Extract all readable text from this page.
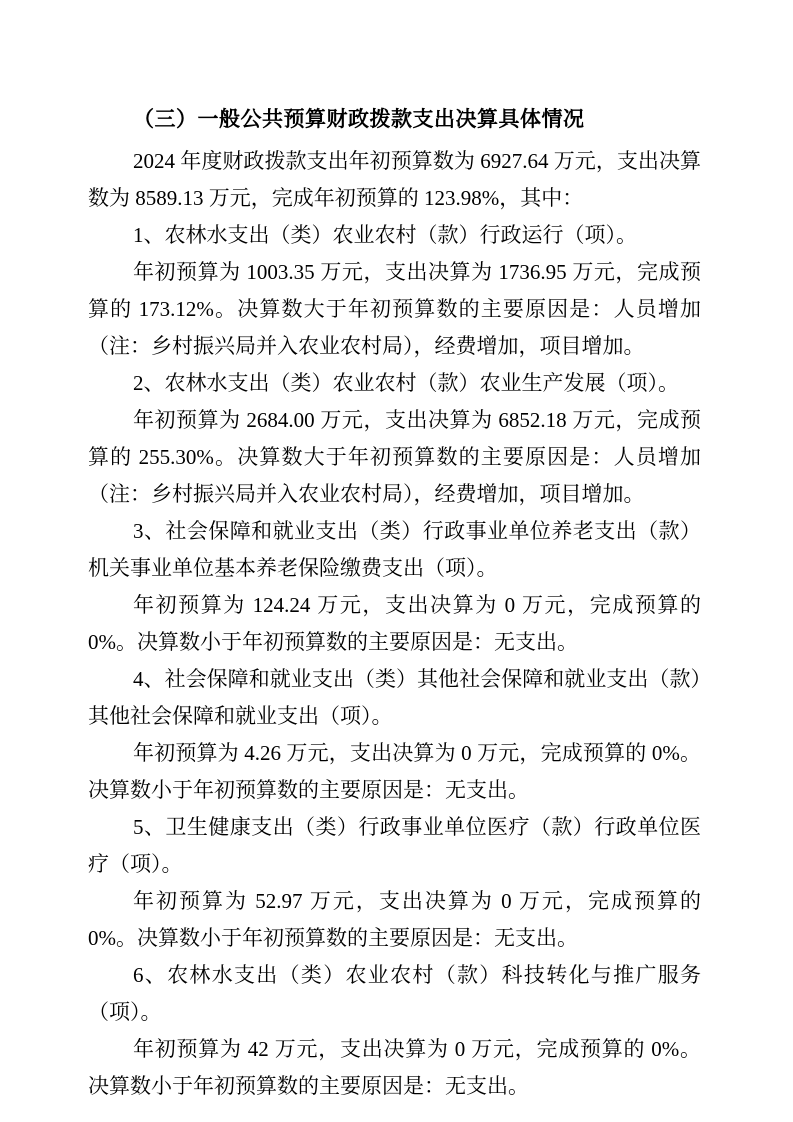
（三）一般公共预算财政拨款支出决算具体情况

2024 年度财政拨款支出年初预算数为 6927.64 万元，支出决算数为 8589.13 万元，完成年初预算的 123.98%，其中：

1、农林水支出（类）农业农村（款）行政运行（项）。

年初预算为 1003.35 万元，支出决算为 1736.95 万元，完成预算的 173.12%。决算数大于年初预算数的主要原因是：人员增加（注：乡村振兴局并入农业农村局），经费增加，项目增加。

2、农林水支出（类）农业农村（款）农业生产发展（项）。

年初预算为 2684.00 万元，支出决算为 6852.18 万元，完成预算的 255.30%。决算数大于年初预算数的主要原因是：人员增加（注：乡村振兴局并入农业农村局），经费增加，项目增加。

3、社会保障和就业支出（类）行政事业单位养老支出（款）机关事业单位基本养老保险缴费支出（项）。

年初预算为 124.24 万元，支出决算为 0 万元，完成预算的 0%。决算数小于年初预算数的主要原因是：无支出。

4、社会保障和就业支出（类）其他社会保障和就业支出（款）其他社会保障和就业支出（项）。

年初预算为 4.26 万元，支出决算为 0 万元，完成预算的 0%。决算数小于年初预算数的主要原因是：无支出。

5、卫生健康支出（类）行政事业单位医疗（款）行政单位医疗（项）。

年初预算为 52.97 万元，支出决算为 0 万元，完成预算的 0%。决算数小于年初预算数的主要原因是：无支出。

6、农林水支出（类）农业农村（款）科技转化与推广服务（项）。

年初预算为 42 万元，支出决算为 0 万元，完成预算的 0%。决算数小于年初预算数的主要原因是：无支出。
